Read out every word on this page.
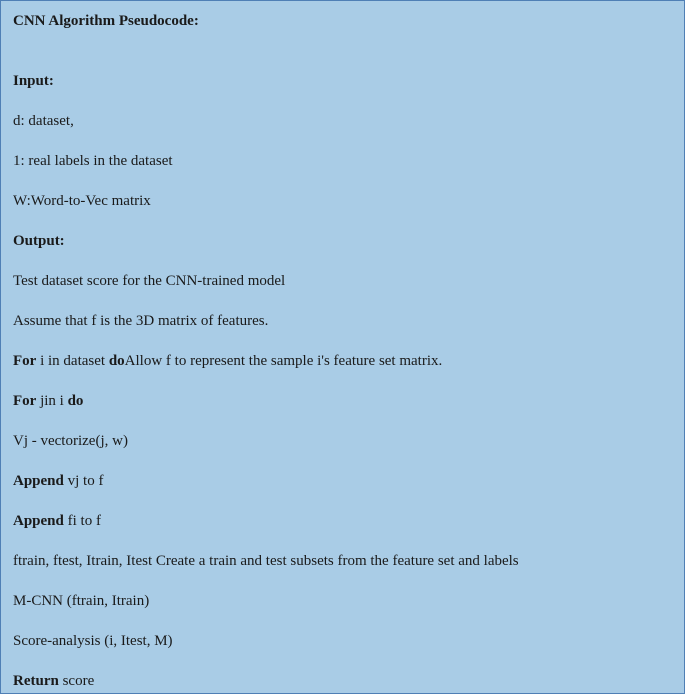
CNN Algorithm Pseudocode:
Input:
d: dataset,
1: real labels in the dataset
W:Word-to-Vec matrix
Output:
Test dataset score for the CNN-trained model
Assume that f is the 3D matrix of features.
For i in dataset doAllow f to represent the sample i's feature set matrix.
For jin i do
Vj - vectorize(j, w)
Append vj to f
Append fi to f
ftrain, ftest, Itrain, Itest Create a train and test subsets from the feature set and labels
M-CNN (ftrain, Itrain)
Score-analysis (i, Itest, M)
Return score
